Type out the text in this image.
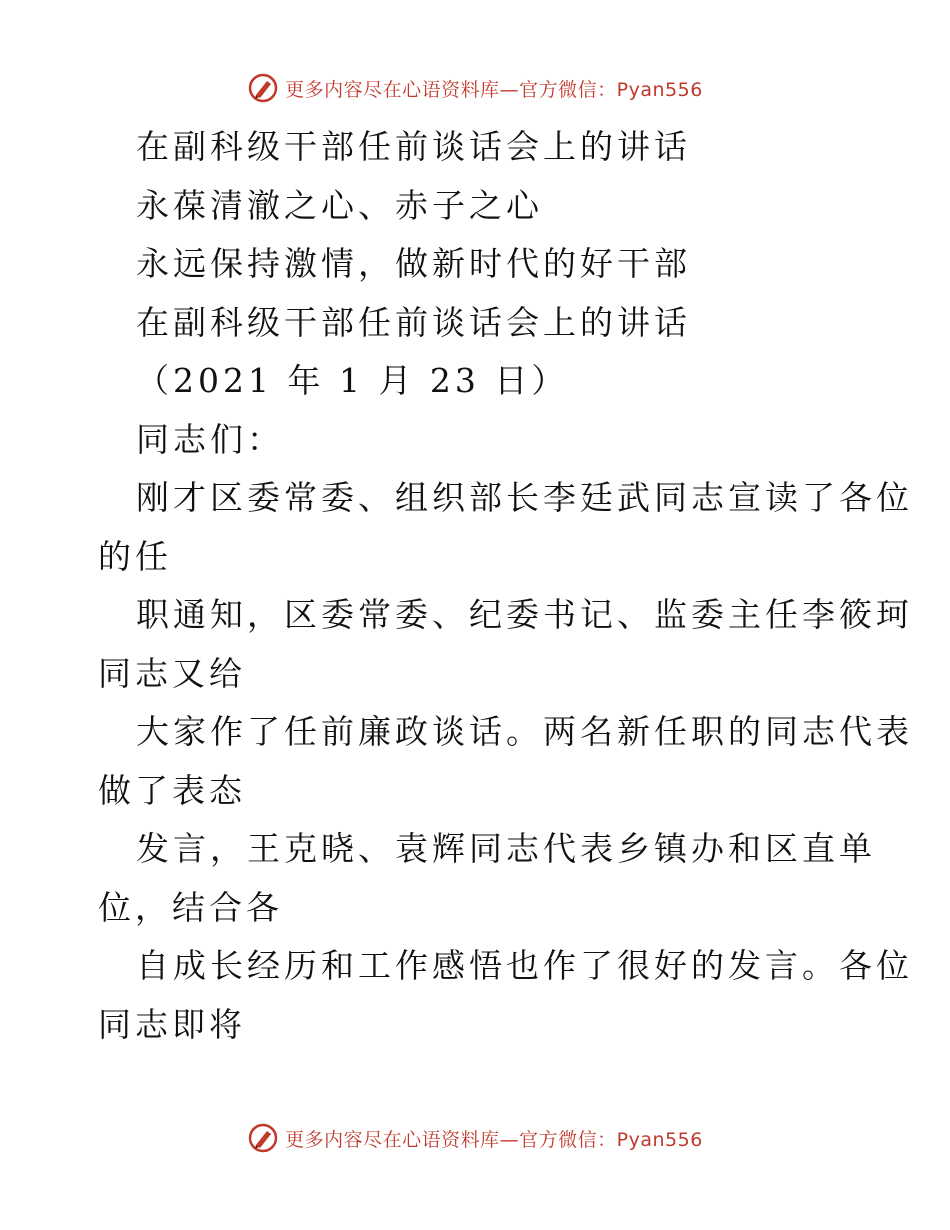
更多内容尽在心语资料库—官方微信：Pyan556

在副科级干部任前谈话会上的讲话

永葆清澈之心、赤子之心

永远保持激情，做新时代的好干部

在副科级干部任前谈话会上的讲话

（2021 年 1 月 23 日）

同志们：

刚才区委常委、组织部长李廷武同志宣读了各位

的任

职通知，区委常委、纪委书记、监委主任李筱珂

同志又给

大家作了任前廉政谈话。两名新任职的同志代表

做了表态

发言，王克晓、袁辉同志代表乡镇办和区直单

位，结合各

自成长经历和工作感悟也作了很好的发言。各位

同志即将

更多内容尽在心语资料库—官方微信：Pyan556
